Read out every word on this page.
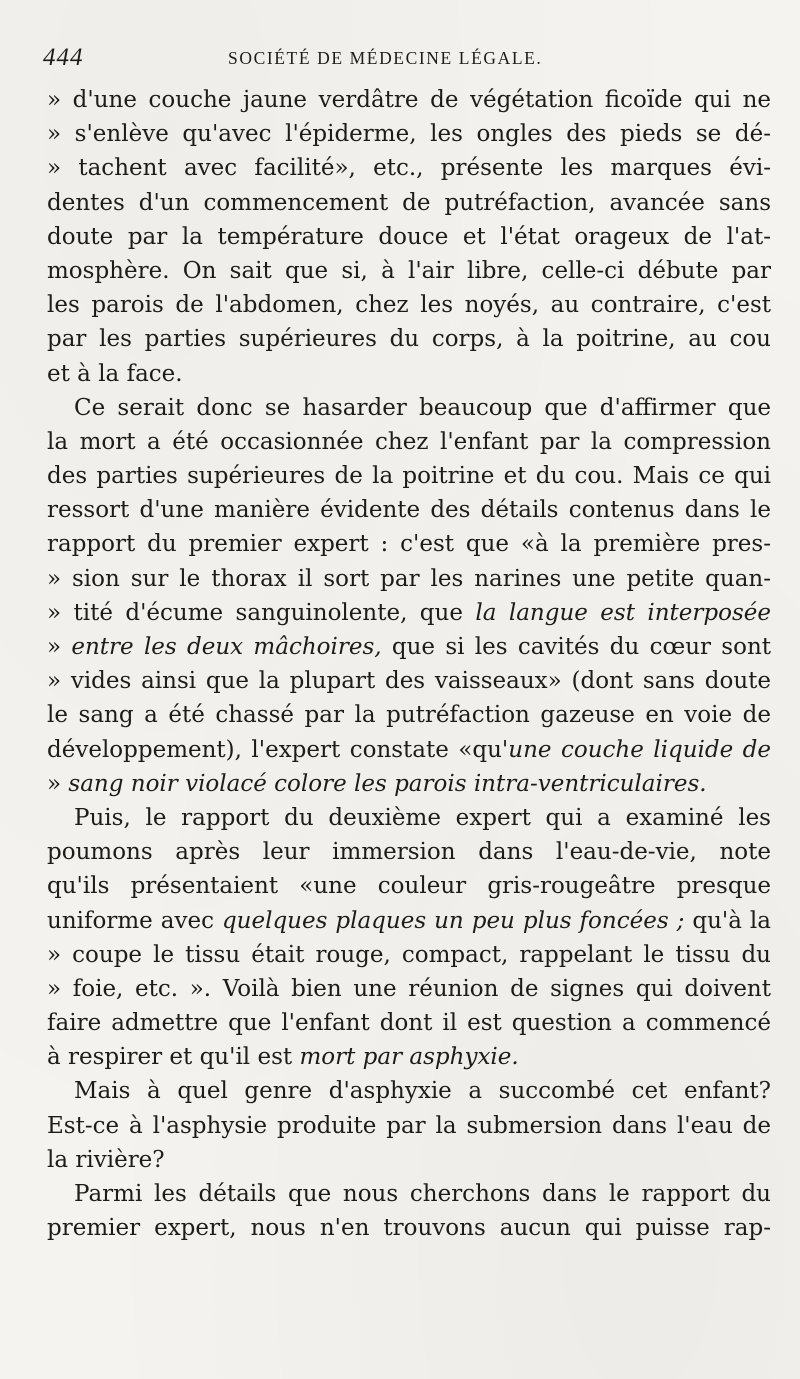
444	SOCIÉTÉ DE MÉDECINE LÉGALE.
» d'une couche jaune verdâtre de végétation ficoïde qui ne
» s'enlève qu'avec l'épiderme, les ongles des pieds se dé-
» tachent avec facilité», etc., présente les marques évi-
dentes d'un commencement de putréfaction, avancée sans
doute par la température douce et l'état orageux de l'at-
mosphère. On sait que si, à l'air libre, celle-ci débute par
les parois de l'abdomen, chez les noyés, au contraire, c'est
par les parties supérieures du corps, à la poitrine, au cou
et à la face.
Ce serait donc se hasarder beaucoup que d'affirmer que
la mort a été occasionnée chez l'enfant par la compression
des parties supérieures de la poitrine et du cou. Mais ce qui
ressort d'une manière évidente des détails contenus dans le
rapport du premier expert : c'est que «à la première pres-
» sion sur le thorax il sort par les narines une petite quan-
» tité d'écume sanguinolente, que la langue est interposée
» entre les deux mâchoires, que si les cavités du cœur sont
» vides ainsi que la plupart des vaisseaux» (dont sans doute
le sang a été chassé par la putréfaction gazeuse en voie de
développement), l'expert constate «qu'une couche liquide de
» sang noir violacé colore les parois intra-ventriculaires.
Puis, le rapport du deuxième expert qui a examiné les
poumons après leur immersion dans l'eau-de-vie, note
qu'ils présentaient «une couleur gris-rougeâtre presque
uniforme avec quelques plaques un peu plus foncées ; qu'à la
» coupe le tissu était rouge, compact, rappelant le tissu du
» foie, etc. ». Voilà bien une réunion de signes qui doivent
faire admettre que l'enfant dont il est question a commencé
à respirer et qu'il est mort par asphyxie.
Mais à quel genre d'asphyxie a succombé cet enfant?
Est-ce à l'asphysie produite par la submersion dans l'eau de
la rivière?
Parmi les détails que nous cherchons dans le rapport du
premier expert, nous n'en trouvons aucun qui puisse rap-
